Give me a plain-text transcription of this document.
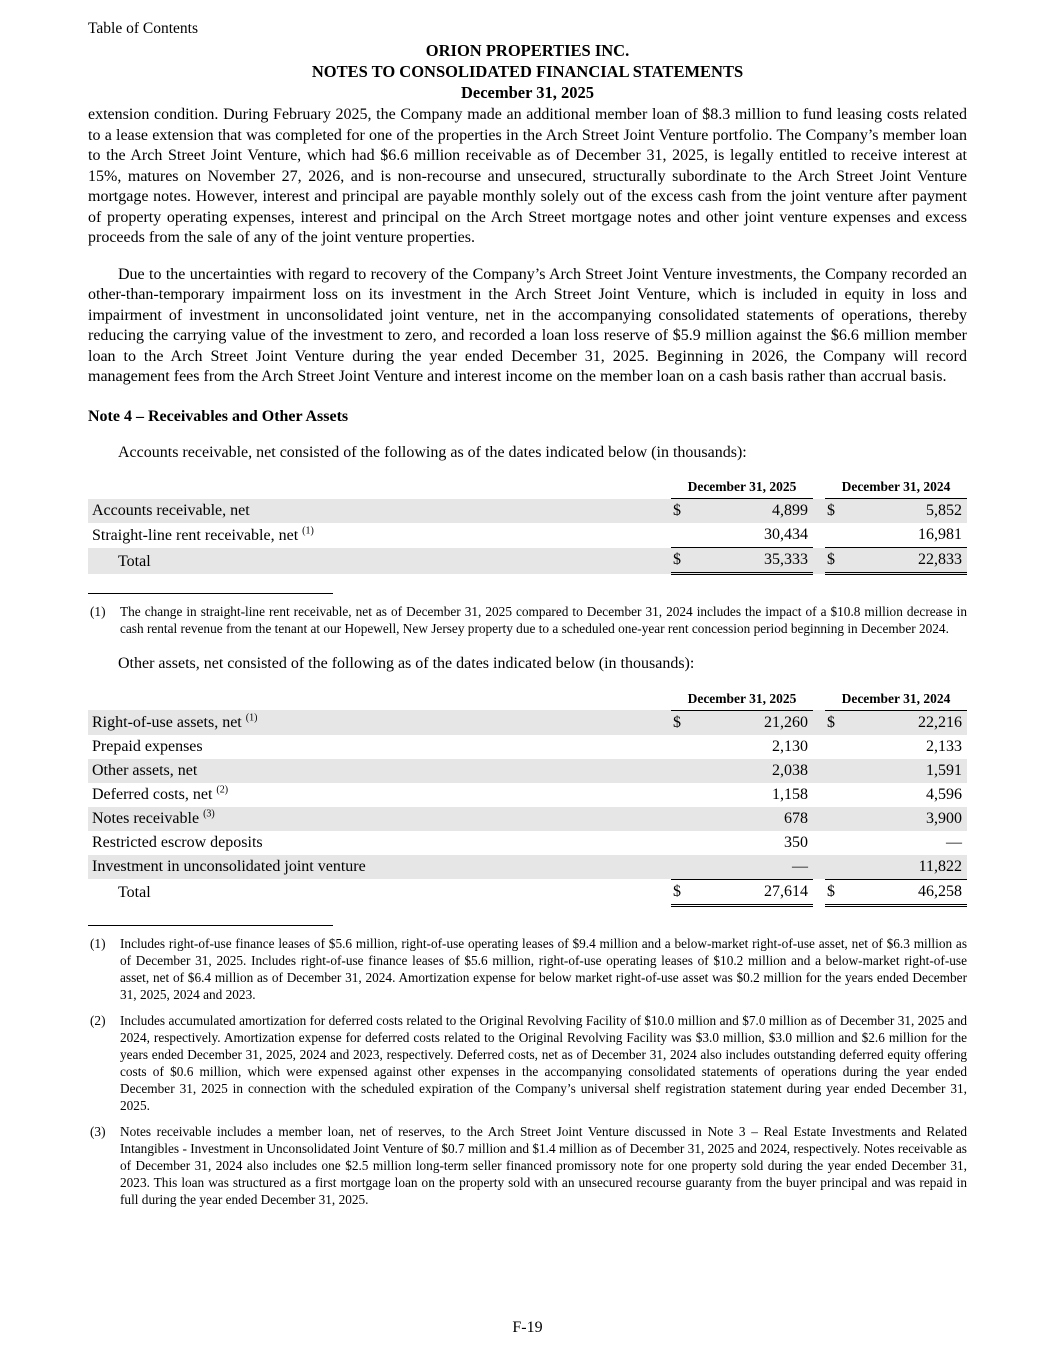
Table of Contents
ORION PROPERTIES INC.
NOTES TO CONSOLIDATED FINANCIAL STATEMENTS
December 31, 2025

extension condition. During February 2025, the Company made an additional member loan of $8.3 million to fund leasing costs related to a lease extension that was completed for one of the properties in the Arch Street Joint Venture portfolio. The Company’s member loan to the Arch Street Joint Venture, which had $6.6 million receivable as of December 31, 2025, is legally entitled to receive interest at 15%, matures on November 27, 2026, and is non-recourse and unsecured, structurally subordinate to the Arch Street Joint Venture mortgage notes. However, interest and principal are payable monthly solely out of the excess cash from the joint venture after payment of property operating expenses, interest and principal on the Arch Street mortgage notes and other joint venture expenses and excess proceeds from the sale of any of the joint venture properties.

Due to the uncertainties with regard to recovery of the Company’s Arch Street Joint Venture investments, the Company recorded an other-than-temporary impairment loss on its investment in the Arch Street Joint Venture, which is included in equity in loss and impairment of investment in unconsolidated joint venture, net in the accompanying consolidated statements of operations, thereby reducing the carrying value of the investment to zero, and recorded a loan loss reserve of $5.9 million against the $6.6 million member loan to the Arch Street Joint Venture during the year ended December 31, 2025. Beginning in 2026, the Company will record management fees from the Arch Street Joint Venture and interest income on the member loan on a cash basis rather than accrual basis.

Note 4 – Receivables and Other Assets

Accounts receivable, net consisted of the following as of the dates indicated below (in thousands):

	December 31, 2025			December 31, 2024	
Accounts receivable, net	$	4,899		$	5,852
Straight-line rent receivable, net $^{(1)}$		30,434			16,981
Total	$	35,333		$	22,833
(1) The change in straight-line rent receivable, net as of December 31, 2025 compared to December 31, 2024 includes the impact of a $10.8 million decrease in cash rental revenue from the tenant at our Hopewell, New Jersey property due to a scheduled one-year rent concession period beginning in December 2024.

Other assets, net consisted of the following as of the dates indicated below (in thousands):

	December 31, 2025			December 31, 2024	
Right-of-use assets, net $^{(1)}$	$	21,260		$	22,216
Prepaid expenses		2,130			2,133
Other assets, net		2,038			1,591
Deferred costs, net $^{(2)}$		1,158			4,596
Notes receivable $^{(3)}$		678			3,900
Restricted escrow deposits		350			—
Investment in unconsolidated joint venture		—			11,822
Total	$	27,614		$	46,258
(1) Includes right-of-use finance leases of $5.6 million, right-of-use operating leases of $9.4 million and a below-market right-of-use asset, net of $6.3 million as of December 31, 2025. Includes right-of-use finance leases of $5.6 million, right-of-use operating leases of $10.2 million and a below-market right-of-use asset, net of $6.4 million as of December 31, 2024. Amortization expense for below market right-of-use asset was $0.2 million for the years ended December 31, 2025, 2024 and 2023.
(2) Includes accumulated amortization for deferred costs related to the Original Revolving Facility of $10.0 million and $7.0 million as of December 31, 2025 and 2024, respectively. Amortization expense for deferred costs related to the Original Revolving Facility was $3.0 million, $3.0 million and $2.6 million for the years ended December 31, 2025, 2024 and 2023, respectively. Deferred costs, net as of December 31, 2024 also includes outstanding deferred equity offering costs of $0.6 million, which were expensed against other expenses in the accompanying consolidated statements of operations during the year ended December 31, 2025 in connection with the scheduled expiration of the Company’s universal shelf registration statement during year ended December 31, 2025.
(3) Notes receivable includes a member loan, net of reserves, to the Arch Street Joint Venture discussed in Note 3 – Real Estate Investments and Related Intangibles - Investment in Unconsolidated Joint Venture of $0.7 million and $1.4 million as of December 31, 2025 and 2024, respectively. Notes receivable as of December 31, 2024 also includes one $2.5 million long-term seller financed promissory note for one property sold during the year ended December 31, 2023. This loan was structured as a first mortgage loan on the property sold with an unsecured recourse guaranty from the buyer principal and was repaid in full during the year ended December 31, 2025.
F-19
